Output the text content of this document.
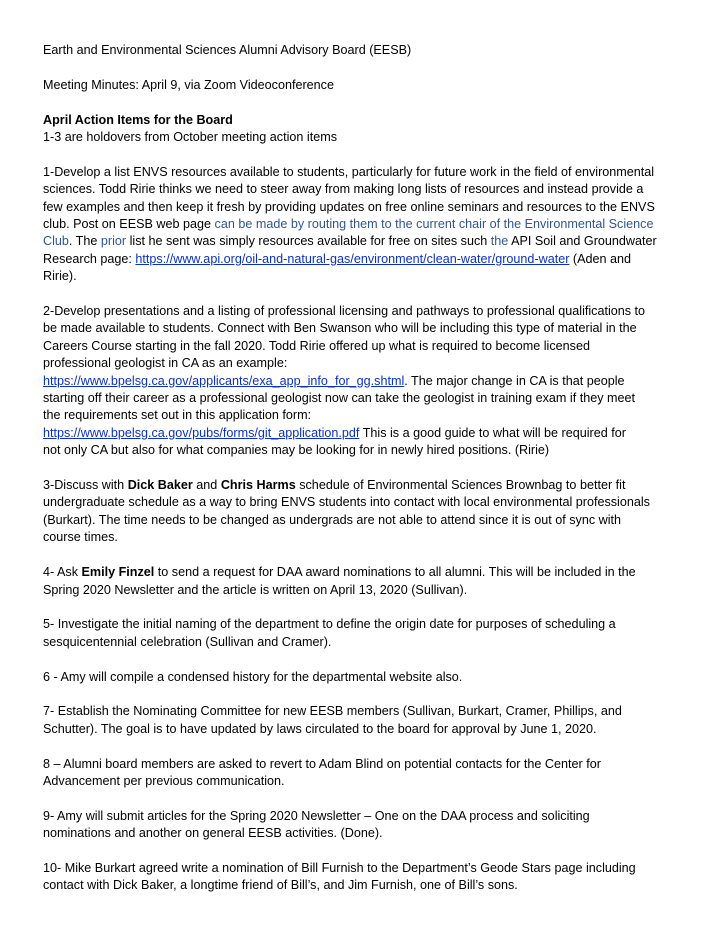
Earth and Environmental Sciences Alumni Advisory Board (EESB)
Meeting Minutes: April 9, via Zoom Videoconference
April Action Items for the Board
1-3 are holdovers from October meeting action items
1-Develop a list ENVS resources available to students, particularly for future work in the field of environmental
sciences. Todd Ririe thinks we need to steer away from making long lists of resources and instead provide a
few examples and then keep it fresh by providing updates on free online seminars and resources to the ENVS
club. Post on EESB web page can be made by routing them to the current chair of the Environmental Science
Club. The prior list he sent was simply resources available for free on sites such the API Soil and Groundwater
Research page: https://www.api.org/oil-and-natural-gas/environment/clean-water/ground-water (Aden and
Ririe).
2-Develop presentations and a listing of professional licensing and pathways to professional qualifications to
be made available to students. Connect with Ben Swanson who will be including this type of material in the
Careers Course starting in the fall 2020. Todd Ririe offered up what is required to become licensed
professional geologist in CA as an example:
https://www.bpelsg.ca.gov/applicants/exa_app_info_for_gg.shtml. The major change in CA is that people
starting off their career as a professional geologist now can take the geologist in training exam if they meet
the requirements set out in this application form:
https://www.bpelsg.ca.gov/pubs/forms/git_application.pdf This is a good guide to what will be required for
not only CA but also for what companies may be looking for in newly hired positions. (Ririe)
3-Discuss with Dick Baker and Chris Harms schedule of Environmental Sciences Brownbag to better fit
undergraduate schedule as a way to bring ENVS students into contact with local environmental professionals
(Burkart). The time needs to be changed as undergrads are not able to attend since it is out of sync with
course times.
4- Ask Emily Finzel to send a request for DAA award nominations to all alumni. This will be included in the
Spring 2020 Newsletter and the article is written on April 13, 2020 (Sullivan).
5- Investigate the initial naming of the department to define the origin date for purposes of scheduling a
sesquicentennial celebration (Sullivan and Cramer).
6 - Amy will compile a condensed history for the departmental website also.
7- Establish the Nominating Committee for new EESB members (Sullivan, Burkart, Cramer, Phillips, and
Schutter). The goal is to have updated by laws circulated to the board for approval by June 1, 2020.
8 – Alumni board members are asked to revert to Adam Blind on potential contacts for the Center for
Advancement per previous communication.
9- Amy will submit articles for the Spring 2020 Newsletter – One on the DAA process and soliciting
nominations and another on general EESB activities. (Done).
10- Mike Burkart agreed write a nomination of Bill Furnish to the Department’s Geode Stars page including
contact with Dick Baker, a longtime friend of Bill’s, and Jim Furnish, one of Bill’s sons.
